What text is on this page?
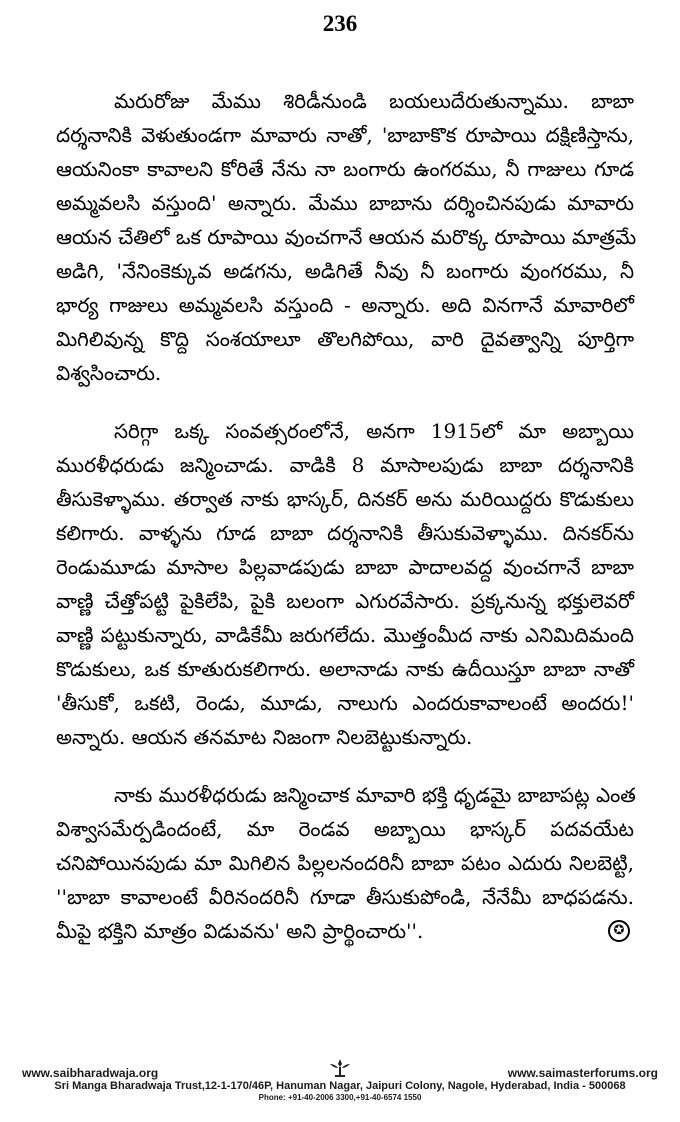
236

మరురోజు మేము శిరిడీనుండి బయలుదేరుతున్నాము. బాబా
దర్శనానికి వెళుతుండగా మావారు నాతో, 'బాబాకొక రూపాయి దక్షిణిస్తాను,
ఆయనింకా కావాలని కోరితే నేను నా బంగారు ఉంగరము, నీ గాజులు గూడ
అమ్మవలసి వస్తుంది' అన్నారు. మేము బాబాను దర్శించినపుడు మావారు
ఆయన చేతిలో ఒక రూపాయి వుంచగానే ఆయన మరొక్క రూపాయి మాత్రమే
అడిగి, 'నేనింకెక్కువ అడగను, అడిగితే నీవు నీ బంగారు వుంగరము, నీ
భార్య గాజులు అమ్మవలసి వస్తుంది - అన్నారు. అది వినగానే మావారిలో
మిగిలివున్న కొద్ది సంశయాలూ తొలగిపోయి, వారి దైవత్వాన్ని పూర్తిగా
విశ్వసించారు.

సరిగ్గా ఒక్క సంవత్సరంలోనే, అనగా 1915లో మా అబ్బాయి
మురళీధరుడు జన్మించాడు. వాడికి 8 మాసాలపుడు బాబా దర్శనానికి
తీసుకెళ్ళాము. తర్వాత నాకు భాస్కర్, దినకర్ అను మరియిద్దరు కొడుకులు
కలిగారు. వాళ్ళను గూడ బాబా దర్శనానికి తీసుకువెళ్ళాము. దినకర్‌ను
రెండుమూడు మాసాల పిల్లవాడపుడు బాబా పాదాలవద్ద వుంచగానే బాబా
వాణ్ణి చేత్తోపట్టి పైకిలేపి, పైకి బలంగా ఎగురవేసారు. ప్రక్కనున్న భక్తులెవరో
వాణ్ణి పట్టుకున్నారు, వాడికేమీ జరుగలేదు. మొత్తంమీద నాకు ఎనిమిదిమంది
కొడుకులు, ఒక కూతురుకలిగారు. అలానాడు నాకు ఉదీయిస్తూ బాబా నాతో
'తీసుకో, ఒకటి, రెండు, మూడు, నాలుగు ఎందరుకావాలంటే అందరు!'
అన్నారు. ఆయన తనమాట నిజంగా నిలబెట్టుకున్నారు.

నాకు మురళీధరుడు జన్మించాక మావారి భక్తి ధృడమై బాబాపట్ల ఎంత
విశ్వాసమేర్పడిందంటే, మా రెండవ అబ్బాయి భాస్కర్ పదవయేట
చనిపోయినపుడు మా మిగిలిన పిల్లలనందరినీ బాబా పటం ఎదురు నిలబెట్టి,
''బాబా కావాలంటే వీరినందరినీ గూడా తీసుకుపోండి, నేనేమీ బాధపడను.
మీపై భక్తిని మాత్రం విడువను' అని ప్రార్థించారు''.	✪

www.saibharadwaja.org	www.saimasterforums.org
Sri Manga Bharadwaja Trust,12-1-170/46P, Hanuman Nagar, Jaipuri Colony, Nagole, Hyderabad, India - 500068
Phone: +91-40-2006 3300,+91-40-6574 1550
